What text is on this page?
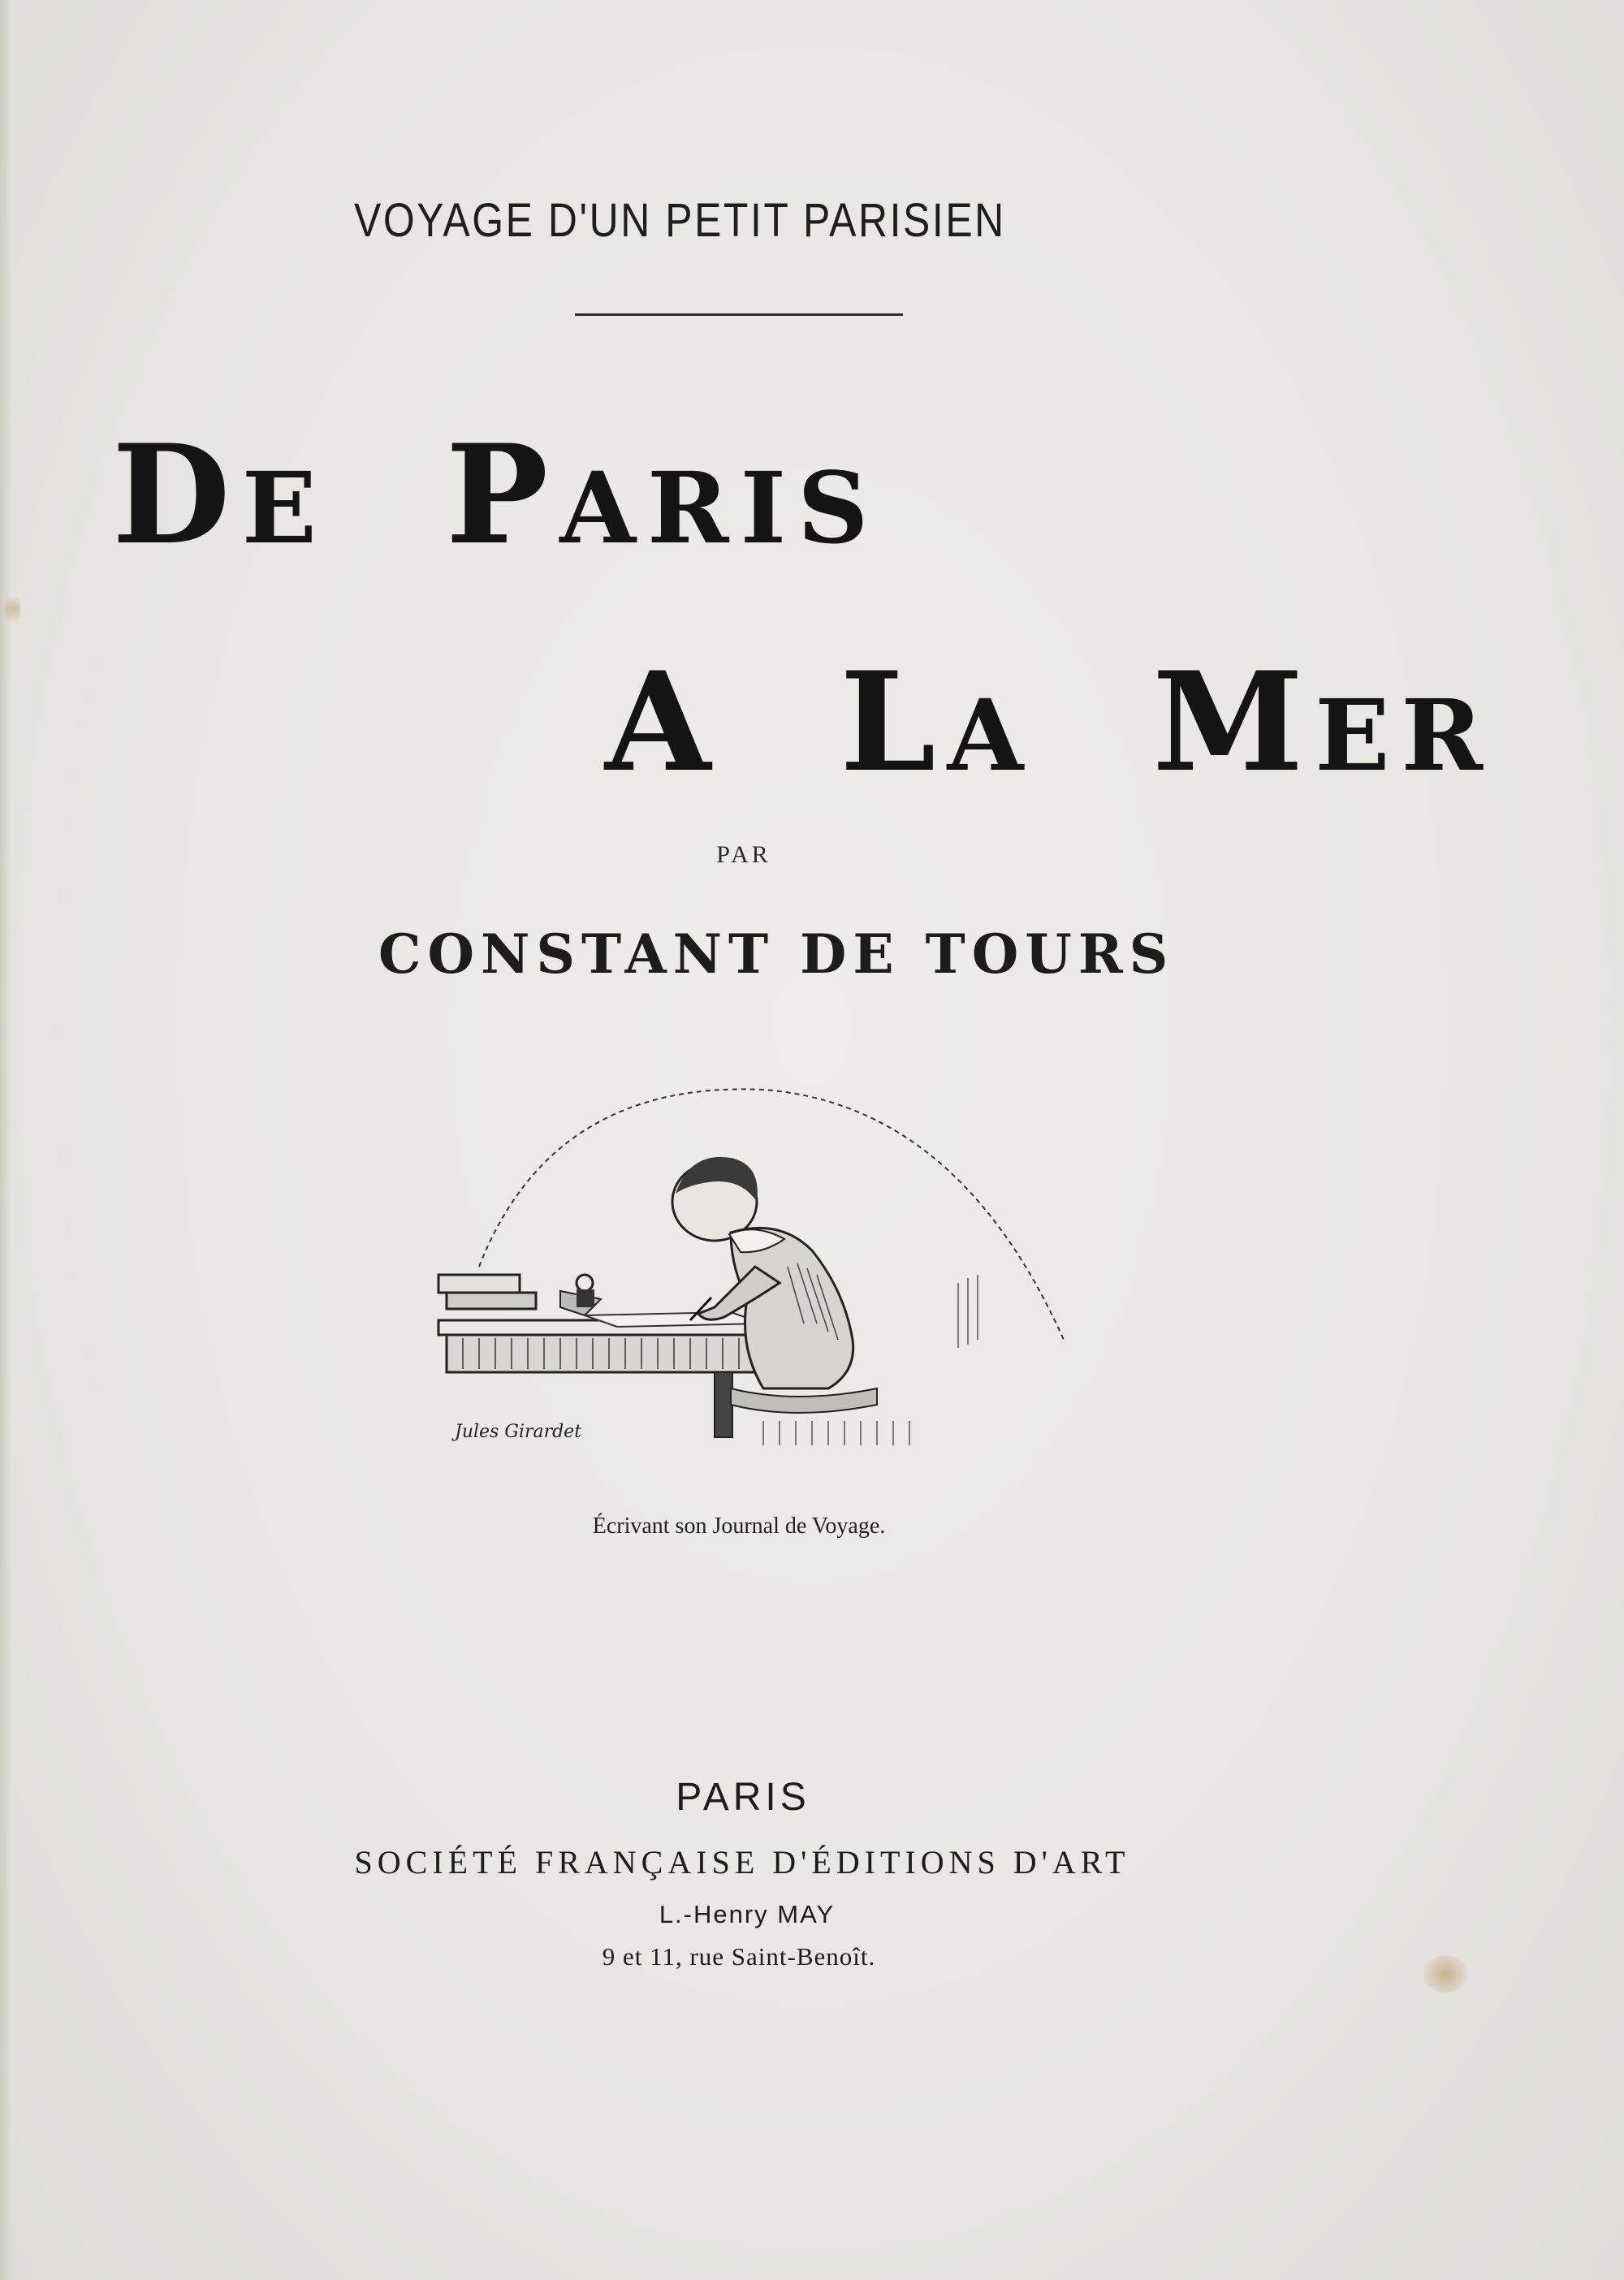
VOYAGE D'UN PETIT PARISIEN
DE PARIS
A LA MER
PAR
CONSTANT DE TOURS
Jules Girardet
Écrivant son Journal de Voyage.
PARIS
SOCIÉTÉ FRANÇAISE D'ÉDITIONS D'ART
L.-Henry MAY
9 et 11, rue Saint-Benoît.
